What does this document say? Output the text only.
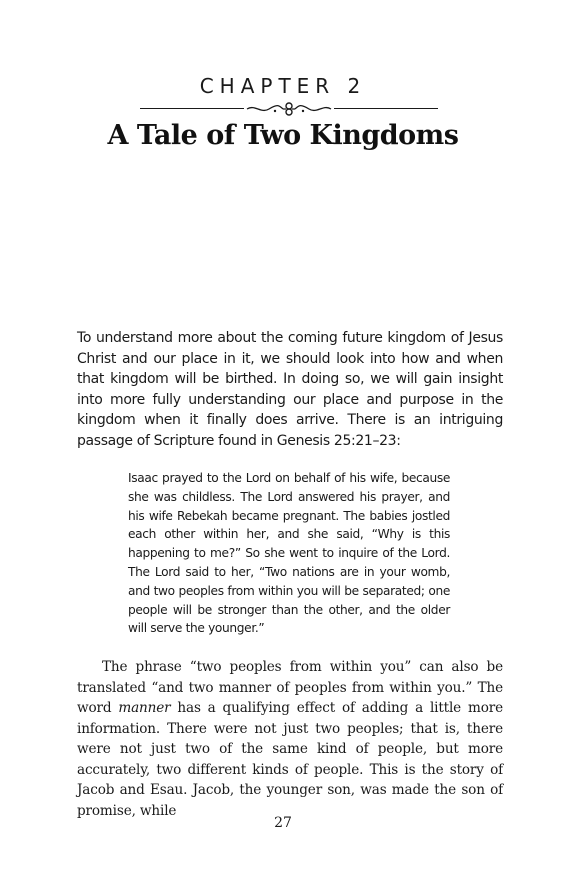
CHAPTER 2
A Tale of Two Kingdoms

To understand more about the coming future kingdom of Jesus Christ and our place in it, we should look into how and when that kingdom will be birthed. In doing so, we will gain insight into more fully understanding our place and purpose in the kingdom when it finally does arrive. There is an intriguing passage of Scripture found in Genesis 25:21–23:

Isaac prayed to the Lord on behalf of his wife, because she was childless. The Lord answered his prayer, and his wife Rebekah became pregnant. The babies jostled each other within her, and she said, “Why is this happening to me?” So she went to inquire of the Lord. The Lord said to her, “Two nations are in your womb, and two peoples from within you will be separated; one people will be stronger than the other, and the older will serve the younger.”

The phrase “two peoples from within you” can also be translated “and two manner of peoples from within you.” The word manner has a qualifying effect of adding a little more information. There were not just two peoples; that is, there were not just two of the same kind of people, but more accurately, two different kinds of people. This is the story of Jacob and Esau. Jacob, the younger son, was made the son of promise, while

27
